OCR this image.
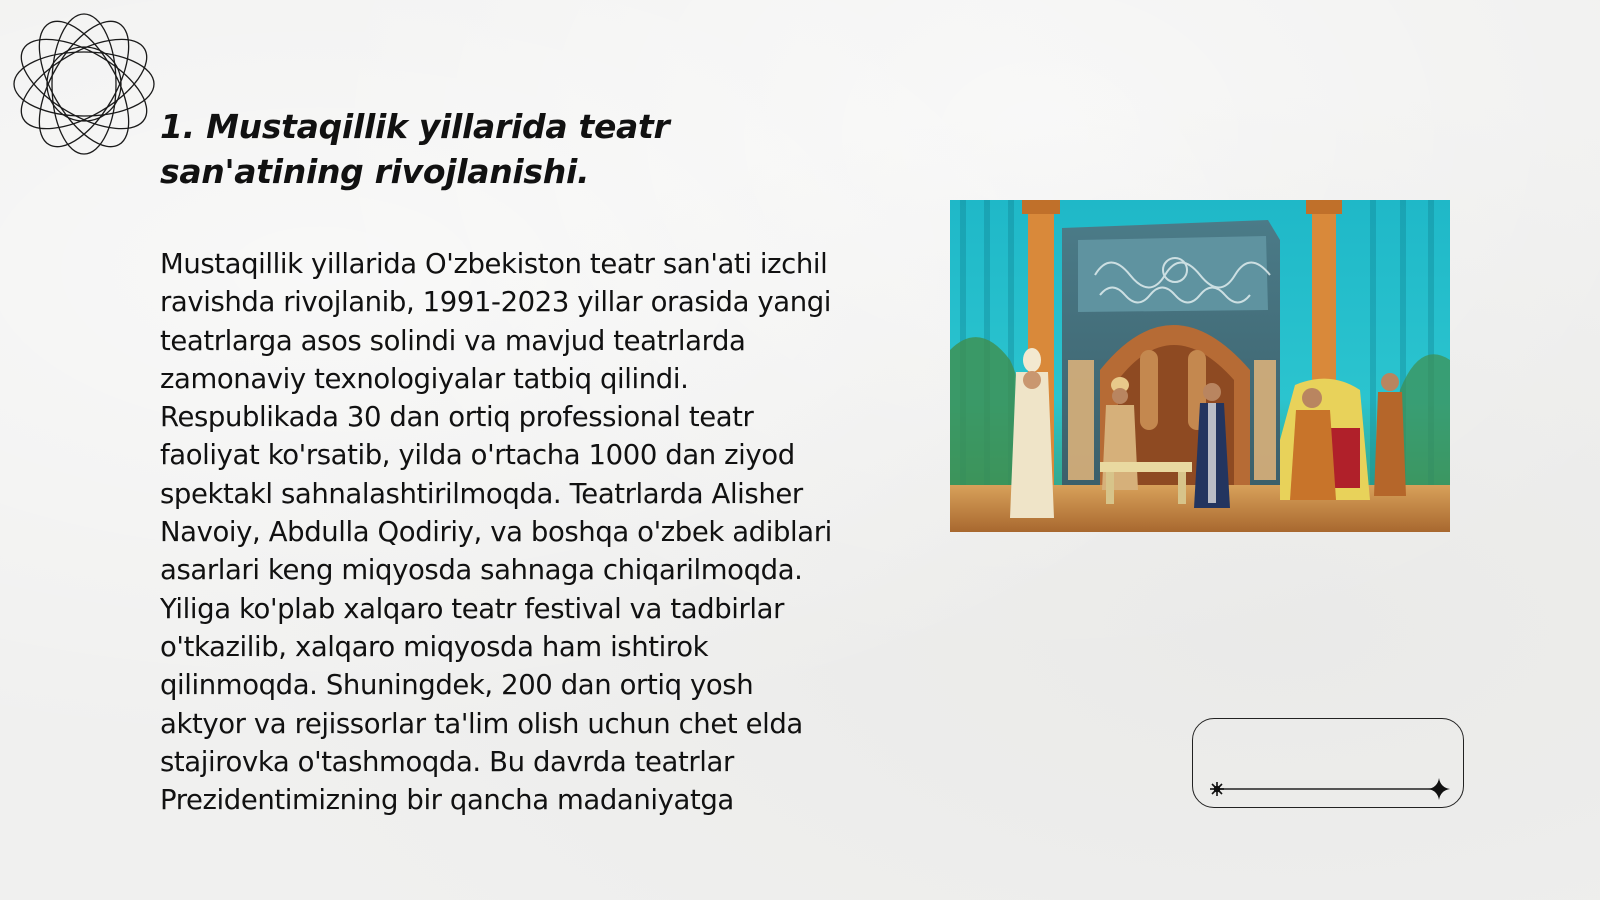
1. Mustaqillik yillarida teatr san'atining rivojlanishi.

Mustaqillik yillarida O'zbekiston teatr san'ati izchil ravishda rivojlanib, 1991-2023 yillar orasida yangi teatrlarga asos solindi va mavjud teatrlarda zamonaviy texnologiyalar tatbiq qilindi. Respublikada 30 dan ortiq professional teatr faoliyat ko'rsatib, yilda o'rtacha 1000 dan ziyod spektakl sahnalashtirilmoqda. Teatrlarda Alisher Navoiy, Abdulla Qodiriy, va boshqa o'zbek adiblari asarlari keng miqyosda sahnaga chiqarilmoqda. Yiliga ko'plab xalqaro teatr festival va tadbirlar o'tkazilib, xalqaro miqyosda ham ishtirok qilinmoqda. Shuningdek, 200 dan ortiq yosh aktyor va rejissorlar ta'lim olish uchun chet elda stajirovka o'tashmoqda. Bu davrda teatrlar Prezidentimizning bir qancha madaniyatga
